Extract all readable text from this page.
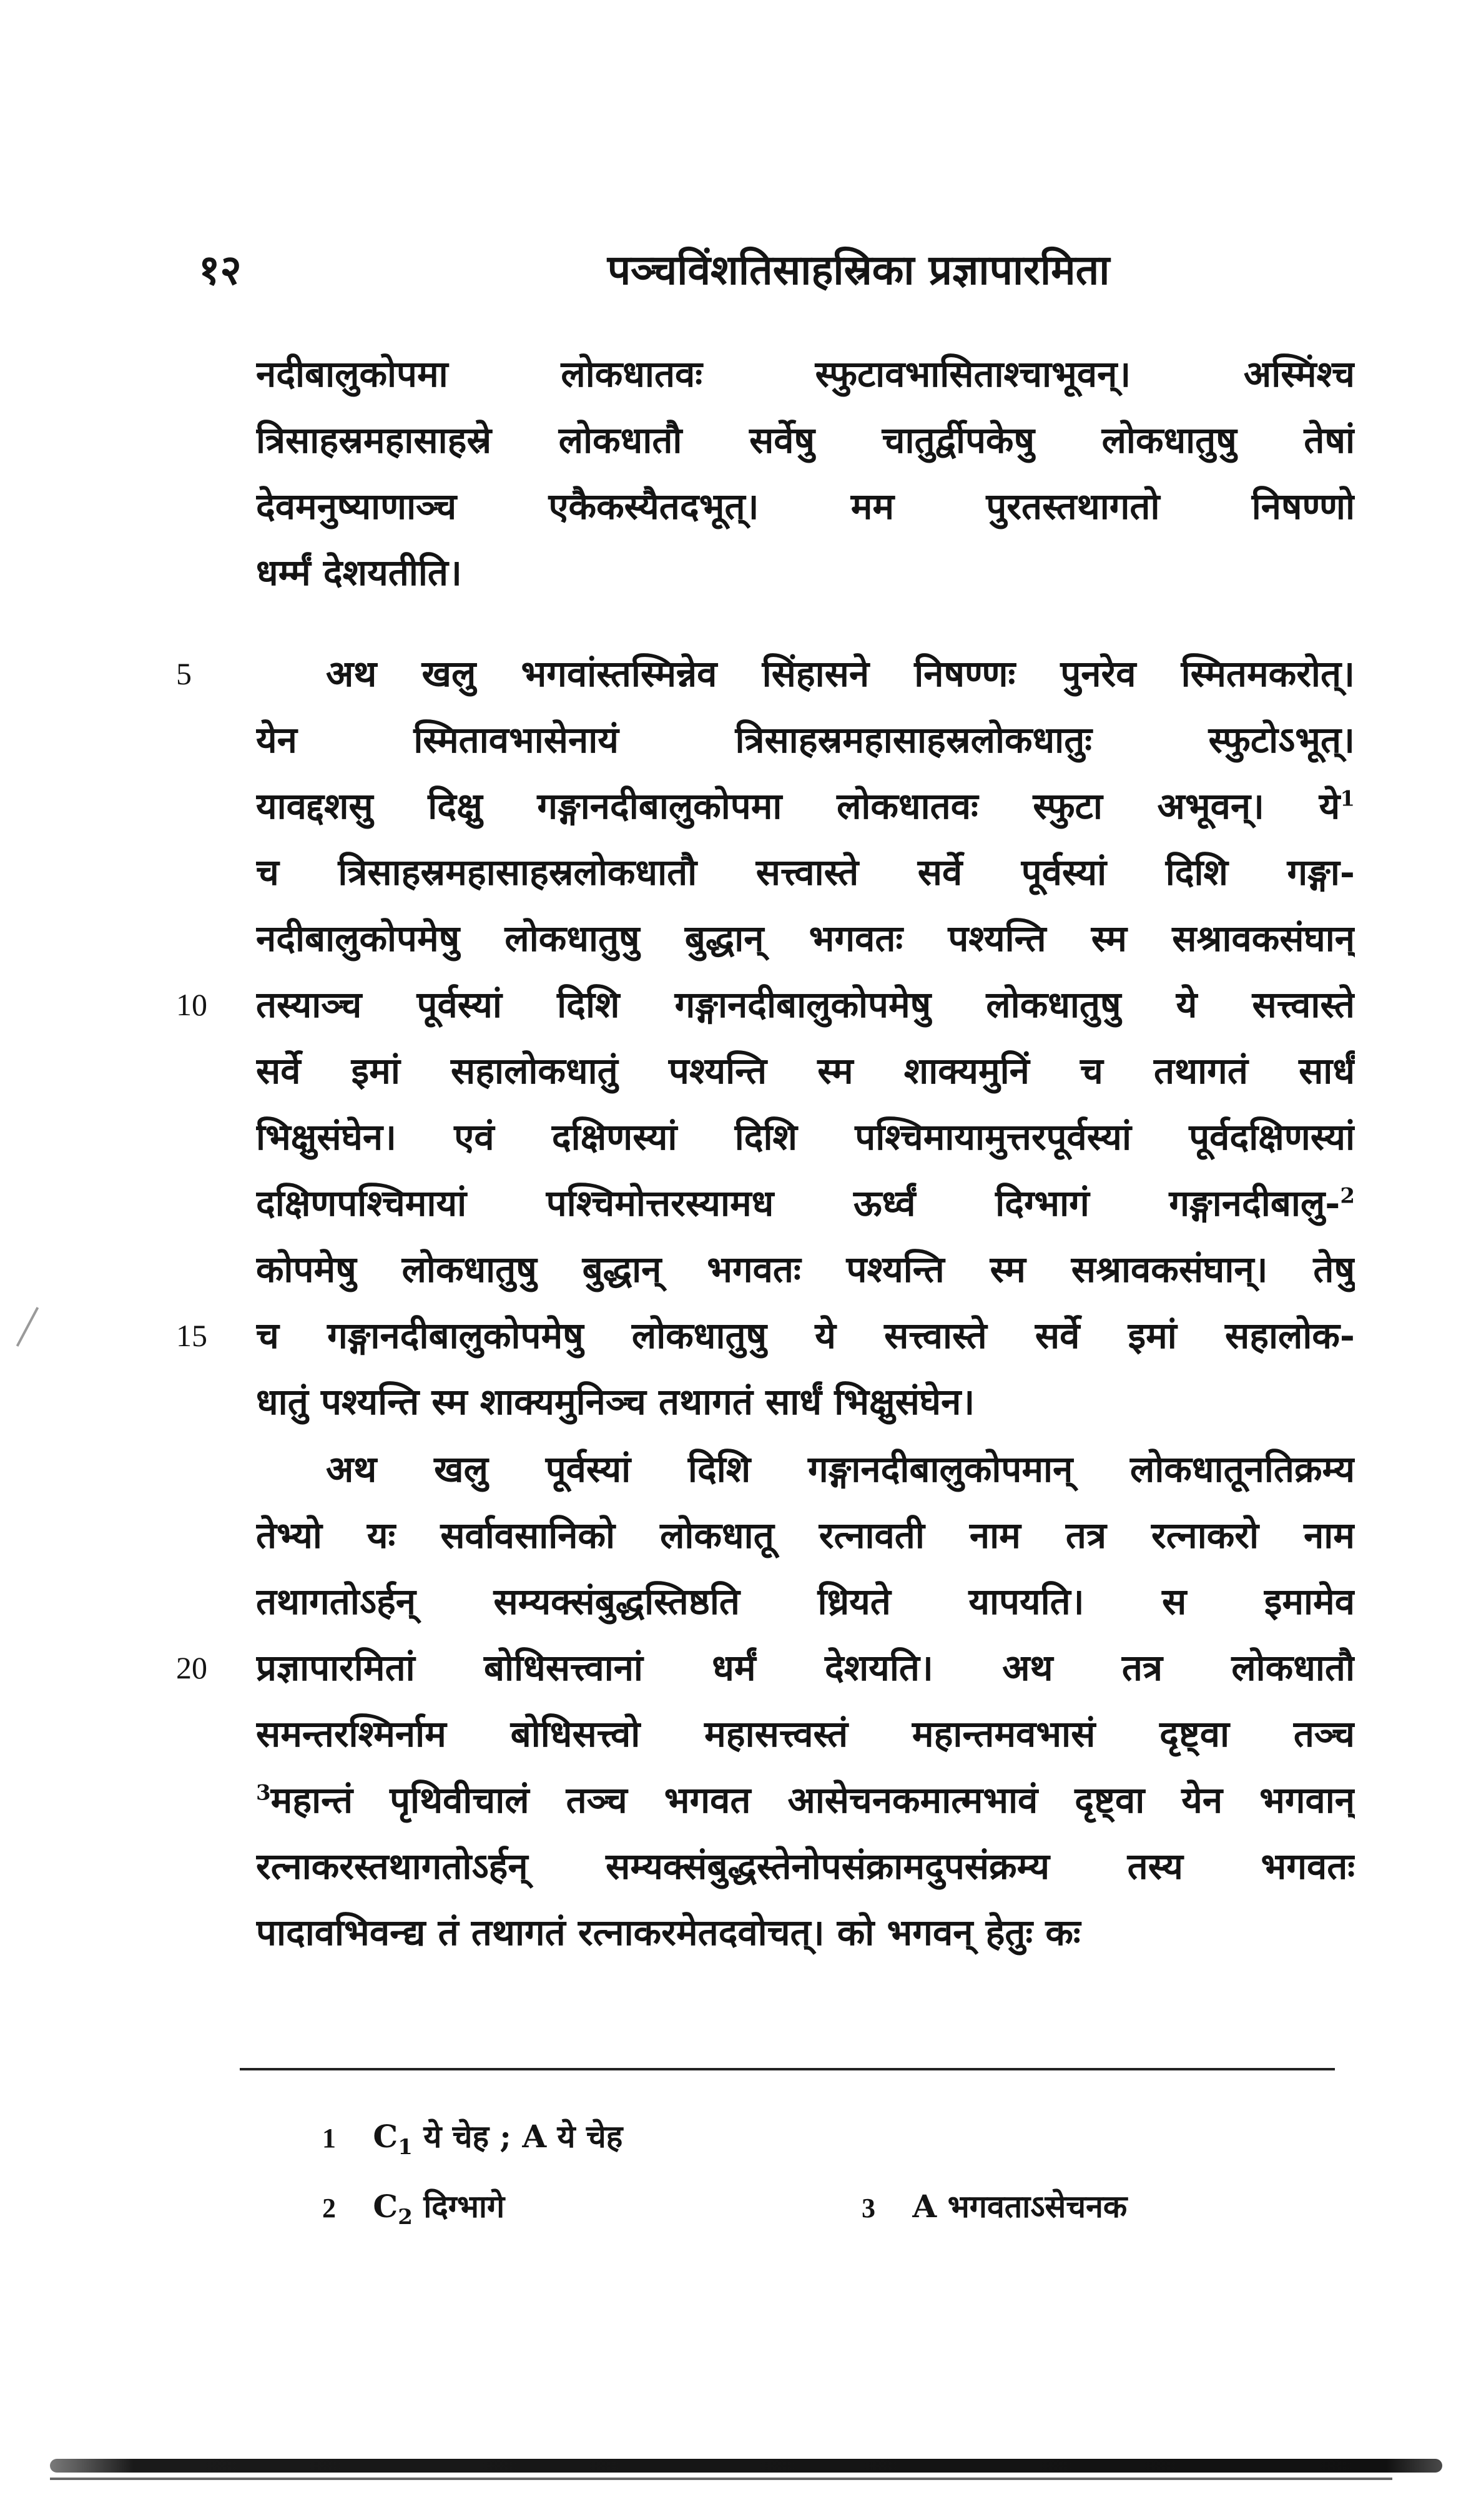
१२	पञ्चविंशतिसाहस्रिका प्रज्ञापारमिता
नदीबालुकोपमा लोकधातवः स्फुटावभासिताश्चाभूवन्। अस्मिंश्च
त्रिसाहस्रमहासाहस्रे लोकधातौ सर्वेषु चातुर्द्वीपकेषु लोकधातुषु तेषां
देवमनुष्याणाञ्च एकैकस्यैतदभूत्। मम पुरतस्तथागतो निषण्णो
धर्म्मं देशयतीति।
अथ खलु भगवांस्तस्मिन्नेव सिंहासने निषण्णः पुनरेव स्मितमकरोत्।
येन स्मितावभासेनायं त्रिसाहस्रमहासाहस्रलोकधातुः स्फुटोऽभूत्।
यावद्दशसु दिक्षु गङ्गानदीबालुकोपमा लोकधातवः स्फुटा अभूवन्। ये$^1$
च त्रिसाहस्रमहासाहस्रलोकधातौ सत्त्वास्ते सर्वे पूर्वस्यां दिशि गङ्गा-
नदीबालुकोपमेषु लोकधातुषु बुद्धान् भगवतः पश्यन्ति स्म सश्रावकसंघान्
तस्याञ्च पूर्वस्यां दिशि गङ्गानदीबालुकोपमेषु लोकधातुषु ये सत्त्वास्ते
सर्वे इमां सहालोकधातुं पश्यन्ति स्म शाक्यमुनिं च तथागतं सार्धं
भिक्षुसंघेन। एवं दक्षिणस्यां दिशि पश्चिमायामुत्तरपूर्वस्यां पूर्वदक्षिणस्यां
दक्षिणपश्चिमायां पश्चिमोत्तरस्यामध ऊर्ध्वं दिग्भागं गङ्गानदीबालु-$^2$
कोपमेषु लोकधातुषु बुद्धान् भगवतः पश्यन्ति स्म सश्रावकसंघान्। तेषु
च गङ्गानदीबालुकोपमेषु लोकधातुषु ये सत्त्वास्ते सर्वे इमां सहालोक-
धातुं पश्यन्ति स्म शाक्यमुनिञ्च तथागतं सार्धं भिक्षुसंघेन।
अथ खलु पूर्वस्यां दिशि गङ्गानदीबालुकोपमान् लोकधातूनतिक्रम्य
तेभ्यो यः सर्वावसानिको लोकधातू रत्नावती नाम तत्र रत्नाकरो नाम
तथागतोऽर्हन् सम्यक्संबुद्धस्तिष्ठति ध्रियते यापयति। स इमामेव
प्रज्ञापारमितां बोधिसत्त्वानां धर्मं देशयति। अथ तत्र लोकधातौ
समन्तरश्मिर्नाम बोधिसत्त्वो महासत्त्वस्तं महान्तमवभासं दृष्ट्वा तञ्च
$^3$महान्तं पृथिवीचालं तञ्च भगवत आसेचनकमात्मभावं दृष्ट्वा येन भगवान्
रत्नाकरस्तथागतोऽर्हन् सम्यक्संबुद्धस्तेनोपसंक्रामदुपसंक्रम्य तस्य भगवतः
पादावभिवन्द्य तं तथागतं रत्नाकरमेतदवोचत्। को भगवन् हेतुः कः
5
10
15
20
1 $C_1$ ये चेह ; A ये चेह
2 $C_2$ दिग्भागे	3 A भगवताऽसेचनक
